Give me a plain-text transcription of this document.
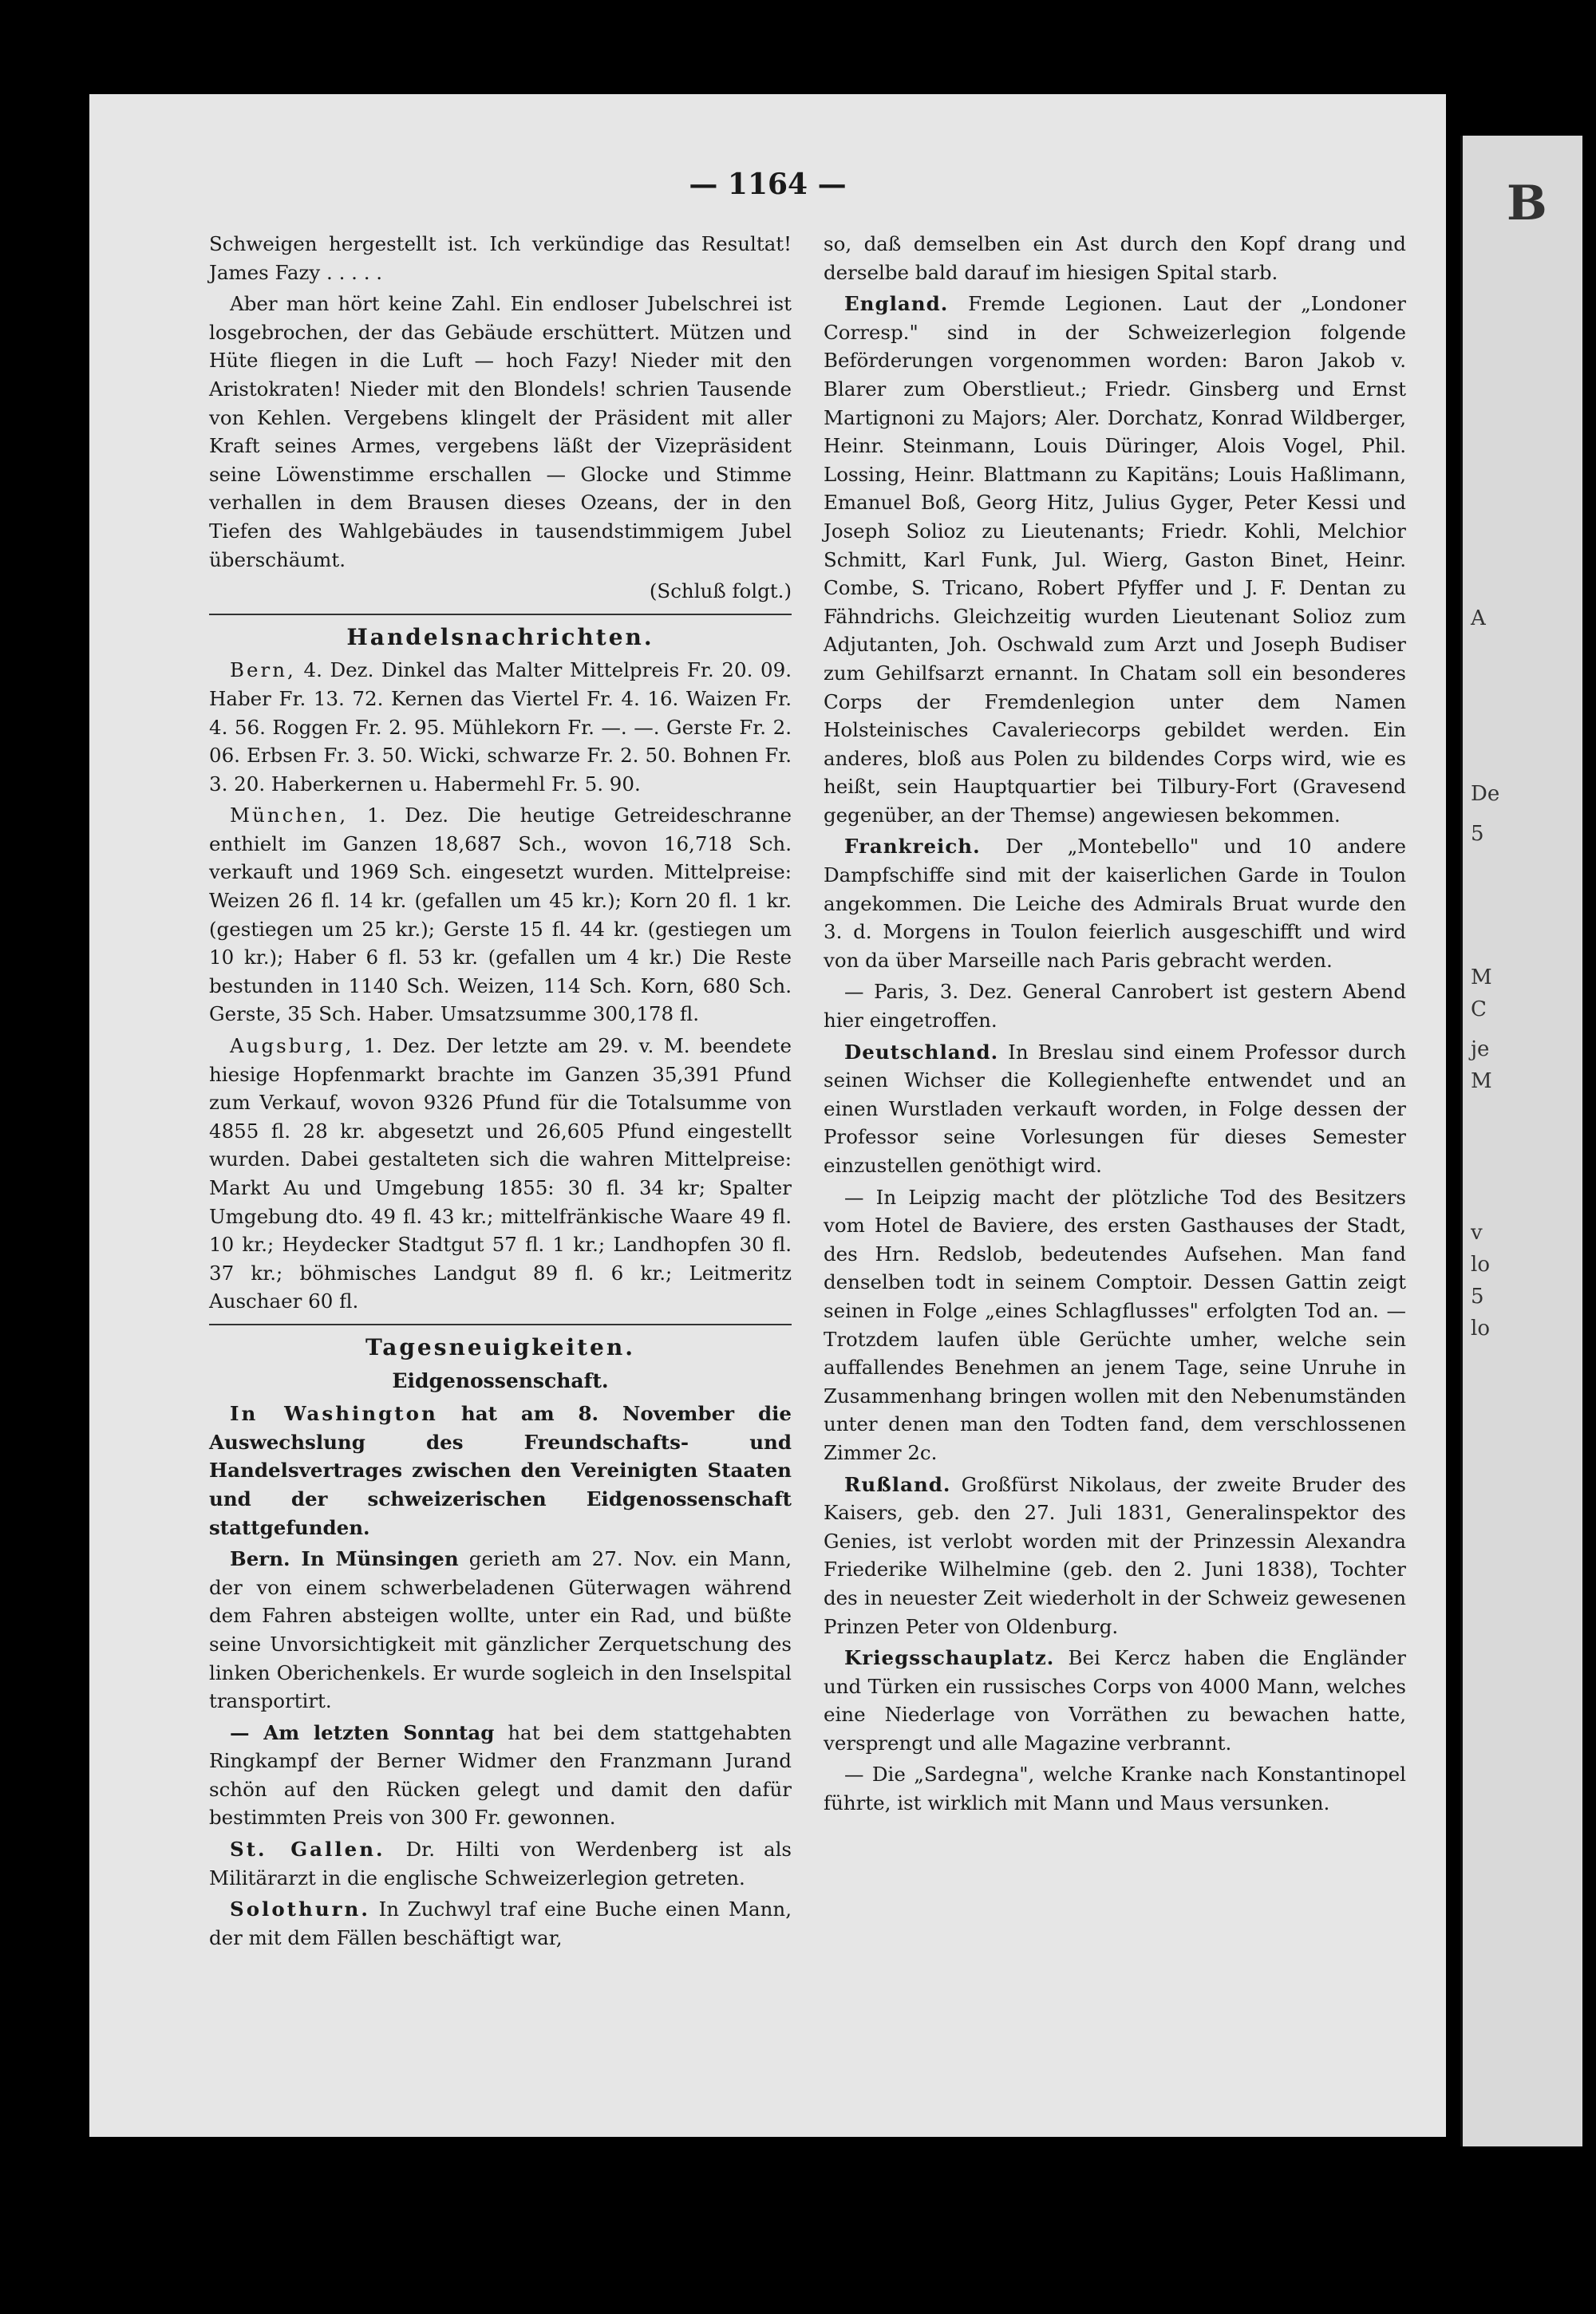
— 1164 —

Schweigen hergestellt ist. Ich verkündige das Resultat! James Fazy . . . . .

Aber man hört keine Zahl. Ein endloser Jubelschrei ist losgebrochen, der das Gebäude erschüttert. Mützen und Hüte fliegen in die Luft — hoch Fazy! Nieder mit den Aristokraten! Nieder mit den Blondels! schrien Tausende von Kehlen. Vergebens klingelt der Präsident mit aller Kraft seines Armes, vergebens läßt der Vizepräsident seine Löwenstimme erschallen — Glocke und Stimme verhallen in dem Brausen dieses Ozeans, der in den Tiefen des Wahlgebäudes in tausendstimmigem Jubel überschäumt.

(Schluß folgt.)
Handelsnachrichten.

Bern, 4. Dez. Dinkel das Malter Mittelpreis Fr. 20. 09. Haber Fr. 13. 72. Kernen das Viertel Fr. 4. 16. Waizen Fr. 4. 56. Roggen Fr. 2. 95. Mühlekorn Fr. —. —. Gerste Fr. 2. 06. Erbsen Fr. 3. 50. Wicki, schwarze Fr. 2. 50. Bohnen Fr. 3. 20. Haberkernen u. Habermehl Fr. 5. 90.

München, 1. Dez. Die heutige Getreideschranne enthielt im Ganzen 18,687 Sch., wovon 16,718 Sch. verkauft und 1969 Sch. eingesetzt wurden. Mittelpreise: Weizen 26 fl. 14 kr. (gefallen um 45 kr.); Korn 20 fl. 1 kr. (gestiegen um 25 kr.); Gerste 15 fl. 44 kr. (gestiegen um 10 kr.); Haber 6 fl. 53 kr. (gefallen um 4 kr.) Die Reste bestunden in 1140 Sch. Weizen, 114 Sch. Korn, 680 Sch. Gerste, 35 Sch. Haber. Umsatzsumme 300,178 fl.

Augsburg, 1. Dez. Der letzte am 29. v. M. beendete hiesige Hopfenmarkt brachte im Ganzen 35,391 Pfund zum Verkauf, wovon 9326 Pfund für die Totalsumme von 4855 fl. 28 kr. abgesetzt und 26,605 Pfund eingestellt wurden. Dabei gestalteten sich die wahren Mittelpreise: Markt Au und Umgebung 1855: 30 fl. 34 kr; Spalter Umgebung dto. 49 fl. 43 kr.; mittelfränkische Waare 49 fl. 10 kr.; Heydecker Stadtgut 57 fl. 1 kr.; Landhopfen 30 fl. 37 kr.; böhmisches Landgut 89 fl. 6 kr.; Leitmeritz Auschaer 60 fl.

Tagesneuigkeiten.
Eidgenossenschaft.

In Washington hat am 8. November die Auswechslung des Freundschafts- und Handelsvertrages zwischen den Vereinigten Staaten und der schweizerischen Eidgenossenschaft stattgefunden.

Bern. In Münsingen gerieth am 27. Nov. ein Mann, der von einem schwerbeladenen Güterwagen während dem Fahren absteigen wollte, unter ein Rad, und büßte seine Unvorsichtigkeit mit gänzlicher Zerquetschung des linken Oberichenkels. Er wurde sogleich in den Inselspital transportirt.

— Am letzten Sonntag hat bei dem stattgehabten Ringkampf der Berner Widmer den Franzmann Jurand schön auf den Rücken gelegt und damit den dafür bestimmten Preis von 300 Fr. gewonnen.

St. Gallen. Dr. Hilti von Werdenberg ist als Militärarzt in die englische Schweizerlegion getreten.

Solothurn. In Zuchwyl traf eine Buche einen Mann, der mit dem Fällen beschäftigt war,

so, daß demselben ein Ast durch den Kopf drang und derselbe bald darauf im hiesigen Spital starb.

England. Fremde Legionen. Laut der „Londoner Corresp." sind in der Schweizerlegion folgende Beförderungen vorgenommen worden: Baron Jakob v. Blarer zum Oberstlieut.; Friedr. Ginsberg und Ernst Martignoni zu Majors; Aler. Dorchatz, Konrad Wildberger, Heinr. Steinmann, Louis Düringer, Alois Vogel, Phil. Lossing, Heinr. Blattmann zu Kapitäns; Louis Haßlimann, Emanuel Boß, Georg Hitz, Julius Gyger, Peter Kessi und Joseph Solioz zu Lieutenants; Friedr. Kohli, Melchior Schmitt, Karl Funk, Jul. Wierg, Gaston Binet, Heinr. Combe, S. Tricano, Robert Pfyffer und J. F. Dentan zu Fähndrichs. Gleichzeitig wurden Lieutenant Solioz zum Adjutanten, Joh. Oschwald zum Arzt und Joseph Budiser zum Gehilfsarzt ernannt. In Chatam soll ein besonderes Corps der Fremdenlegion unter dem Namen Holsteinisches Cavaleriecorps gebildet werden. Ein anderes, bloß aus Polen zu bildendes Corps wird, wie es heißt, sein Hauptquartier bei Tilbury-Fort (Gravesend gegenüber, an der Themse) angewiesen bekommen.

Frankreich. Der „Montebello" und 10 andere Dampfschiffe sind mit der kaiserlichen Garde in Toulon angekommen. Die Leiche des Admirals Bruat wurde den 3. d. Morgens in Toulon feierlich ausgeschifft und wird von da über Marseille nach Paris gebracht werden.

— Paris, 3. Dez. General Canrobert ist gestern Abend hier eingetroffen.

Deutschland. In Breslau sind einem Professor durch seinen Wichser die Kollegienhefte entwendet und an einen Wurstladen verkauft worden, in Folge dessen der Professor seine Vorlesungen für dieses Semester einzustellen genöthigt wird.

— In Leipzig macht der plötzliche Tod des Besitzers vom Hotel de Baviere, des ersten Gasthauses der Stadt, des Hrn. Redslob, bedeutendes Aufsehen. Man fand denselben todt in seinem Comptoir. Dessen Gattin zeigt seinen in Folge „eines Schlagflusses" erfolgten Tod an. — Trotzdem laufen üble Gerüchte umher, welche sein auffallendes Benehmen an jenem Tage, seine Unruhe in Zusammenhang bringen wollen mit den Nebenumständen unter denen man den Todten fand, dem verschlossenen Zimmer 2c.

Rußland. Großfürst Nikolaus, der zweite Bruder des Kaisers, geb. den 27. Juli 1831, Generalinspektor des Genies, ist verlobt worden mit der Prinzessin Alexandra Friederike Wilhelmine (geb. den 2. Juni 1838), Tochter des in neuester Zeit wiederholt in der Schweiz gewesenen Prinzen Peter von Oldenburg.

Kriegsschauplatz. Bei Kercz haben die Engländer und Türken ein russisches Corps von 4000 Mann, welches eine Niederlage von Vorräthen zu bewachen hatte, versprengt und alle Magazine verbrannt.

— Die „Sardegna", welche Kranke nach Konstantinopel führte, ist wirklich mit Mann und Maus versunken.

B
A
De
5
M
C
je
M
v
lo
5
lo
